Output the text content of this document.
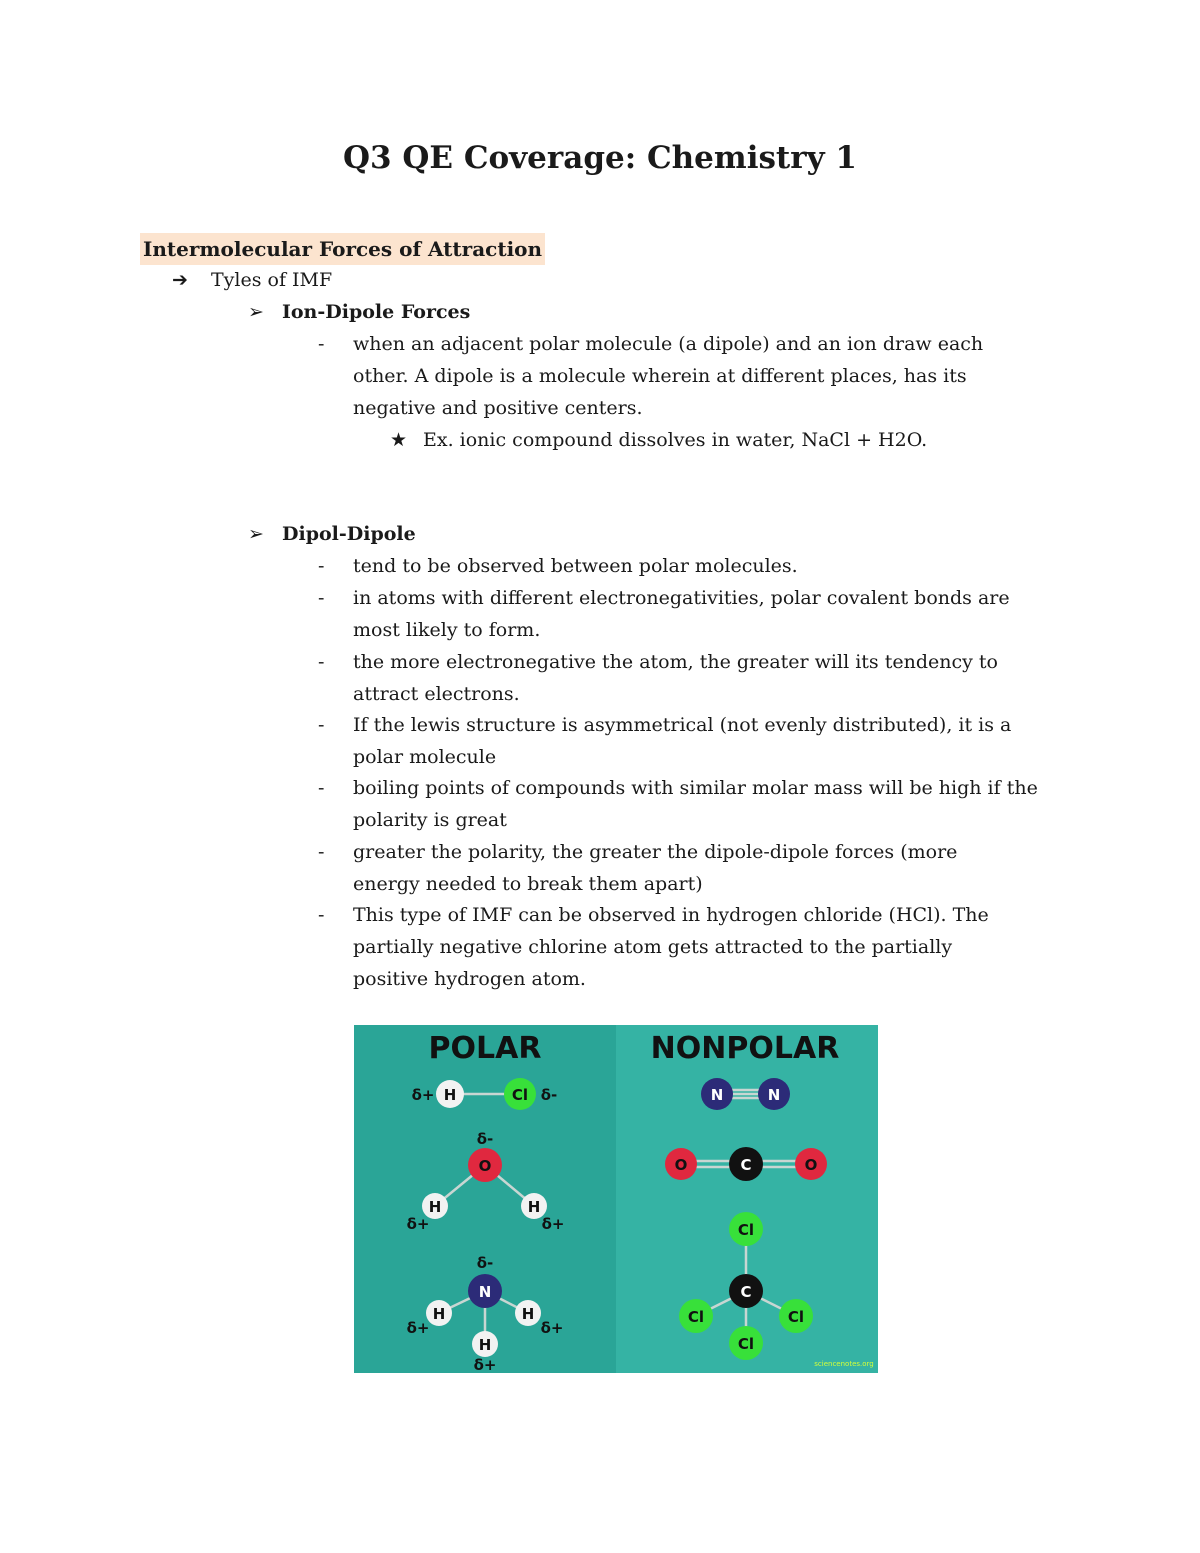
Q3 QE Coverage: Chemistry 1
Intermolecular Forces of Attraction
➔ Tyles of IMF
➢ Ion-Dipole Forces
- when an adjacent polar molecule (a dipole) and an ion draw each other. A dipole is a molecule wherein at different places, has its negative and positive centers.
★ Ex. ionic compound dissolves in water, NaCl + H2O.
➢ Dipol-Dipole
- tend to be observed between polar molecules.
- in atoms with different electronegativities, polar covalent bonds are most likely to form.
- the more electronegative the atom, the greater will its tendency to attract electrons.
- If the lewis structure is asymmetrical (not evenly distributed), it is a polar molecule
- boiling points of compounds with similar molar mass will be high if the polarity is great
- greater the polarity, the greater the dipole-dipole forces (more energy needed to break them apart)
- This type of IMF can be observed in hydrogen chloride (HCl). The partially negative chlorine atom gets attracted to the partially positive hydrogen atom.
POLAR	NONPOLAR
H	Cl
δ+	δ-
δ-
O
H	H
δ+	δ+
δ-
N
H	H
H
δ+	δ+
δ+
N	N
O	C	O
Cl
C
Cl	Cl
Cl
sciencenotes.org
